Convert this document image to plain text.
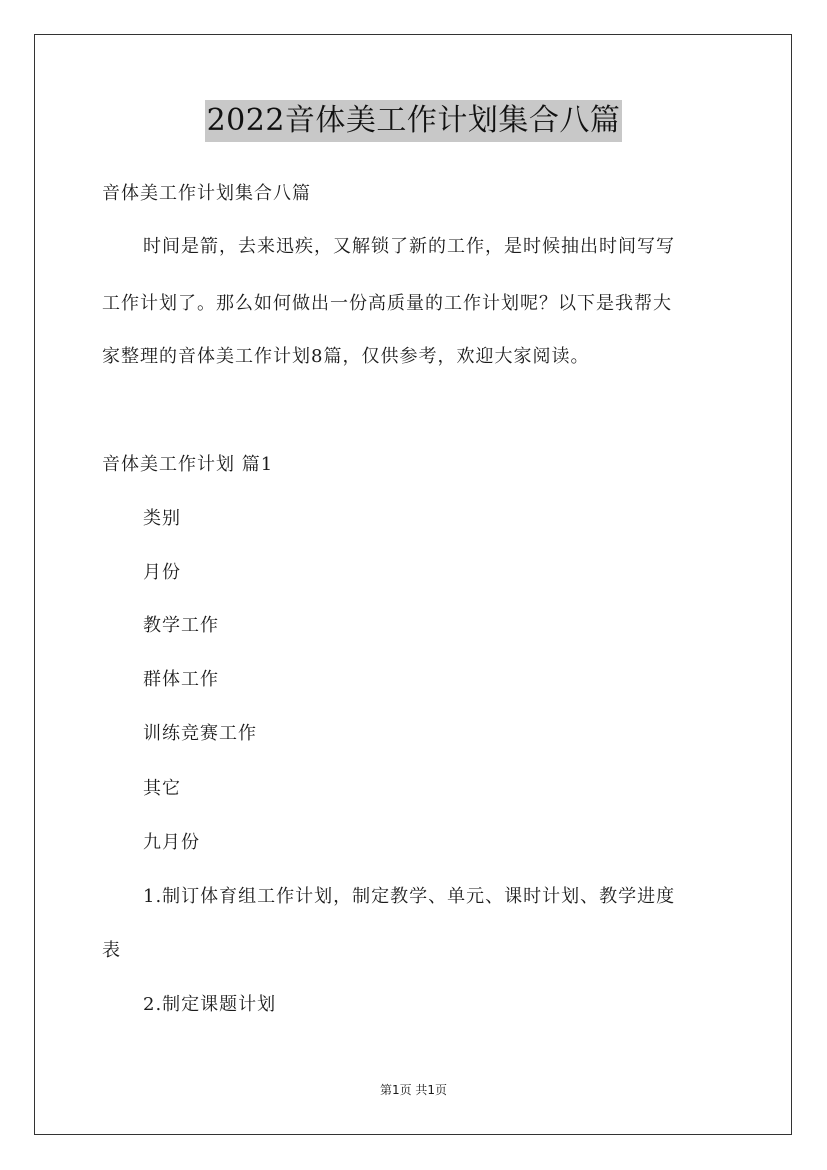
2022音体美工作计划集合八篇
音体美工作计划集合八篇
时间是箭，去来迅疾，又解锁了新的工作，是时候抽出时间写写
工作计划了。那么如何做出一份高质量的工作计划呢？以下是我帮大
家整理的音体美工作计划8篇，仅供参考，欢迎大家阅读。
音体美工作计划 篇1
类别
月份
教学工作
群体工作
训练竞赛工作
其它
九月份
1.制订体育组工作计划，制定教学、单元、课时计划、教学进度
表
2.制定课题计划
第1页 共1页
